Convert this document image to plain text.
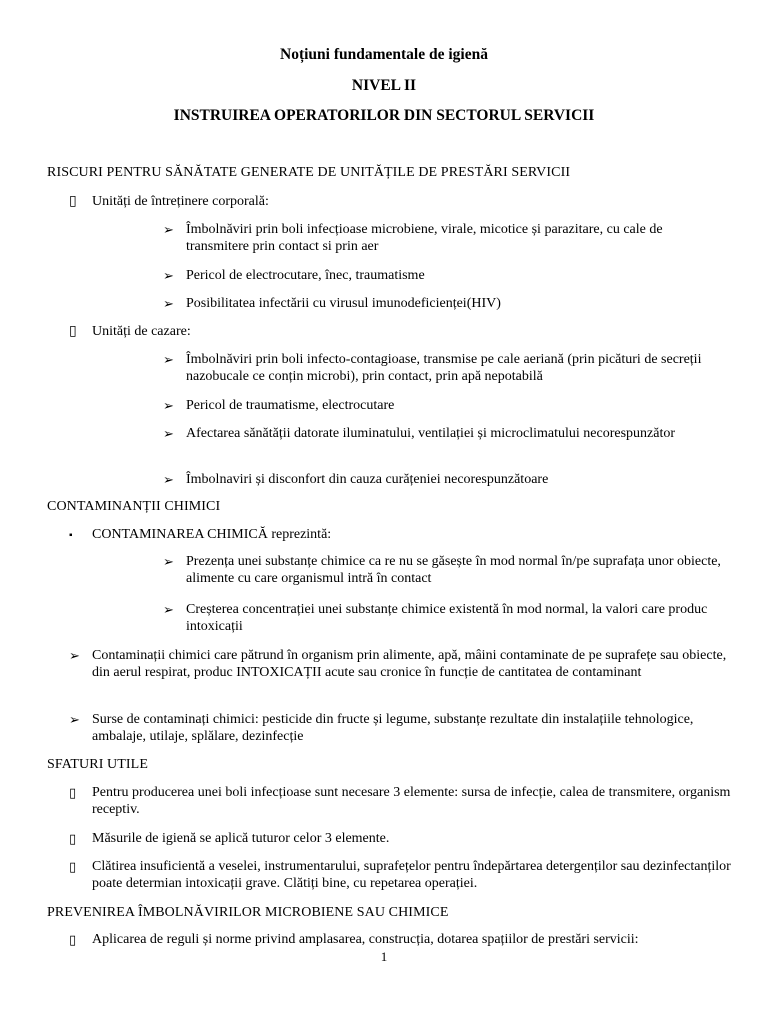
Noțiuni fundamentale de igienă
NIVEL II
INSTRUIREA OPERATORILOR DIN SECTORUL SERVICII
RISCURI PENTRU SĂNĂTATE GENERATE DE UNITĂȚILE DE PRESTĂRI SERVICII
▯	Unități de întreținere corporală:
➢ Îmbolnăviri prin boli infecțioase microbiene, virale, micotice și parazitare, cu cale de transmitere prin contact si prin aer
➢ Pericol de electrocutare, înec, traumatisme
➢ Posibilitatea infectării cu virusul imunodeficienței(HIV)
▯	Unități de cazare:
➢ Îmbolnăviri prin boli infecto-contagioase, transmise pe cale aeriană (prin picături de secreții nazobucale ce conțin microbi), prin contact, prin apă nepotabilă
➢ Pericol de traumatisme, electrocutare
➢ Afectarea sănătății datorate iluminatului, ventilației și microclimatului necorespunzător
➢ Îmbolnaviri și disconfort din cauza curățeniei necorespunzătoare
CONTAMINANȚII CHIMICI
▪	CONTAMINAREA CHIMICĂ reprezintă:
➢ Prezența unei substanțe chimice ca re nu se găsește în mod normal în/pe suprafața unor obiecte, alimente cu care organismul intră în contact
➢ Creșterea concentrației unei substanțe chimice existentă în mod normal, la valori care produc intoxicații
➢ Contaminații chimici care pătrund în organism prin alimente, apă, mâini contaminate de pe suprafețe sau obiecte, din aerul respirat, produc INTOXICAȚII acute sau cronice în funcție de cantitatea de contaminant
➢ Surse de contaminați chimici: pesticide din fructe și legume, substanțe rezultate din instalațiile tehnologice, ambalaje, utilaje, splălare, dezinfecție
SFATURI UTILE
▯ Pentru producerea unei boli infecțioase sunt necesare 3 elemente: sursa de infecție, calea de transmitere, organism receptiv.
▯ Măsurile de igienă se aplică tuturor celor 3 elemente.
▯ Clătirea insuficientă a veselei, instrumentarului, suprafețelor pentru îndepărtarea detergenților sau dezinfectanților poate determian intoxicații grave. Clătiți bine, cu repetarea operației.
PREVENIREA ÎMBOLNĂVIRILOR MICROBIENE SAU CHIMICE
▯ Aplicarea de reguli și norme privind amplasarea, construcția, dotarea spațiilor de prestări servicii:
1
